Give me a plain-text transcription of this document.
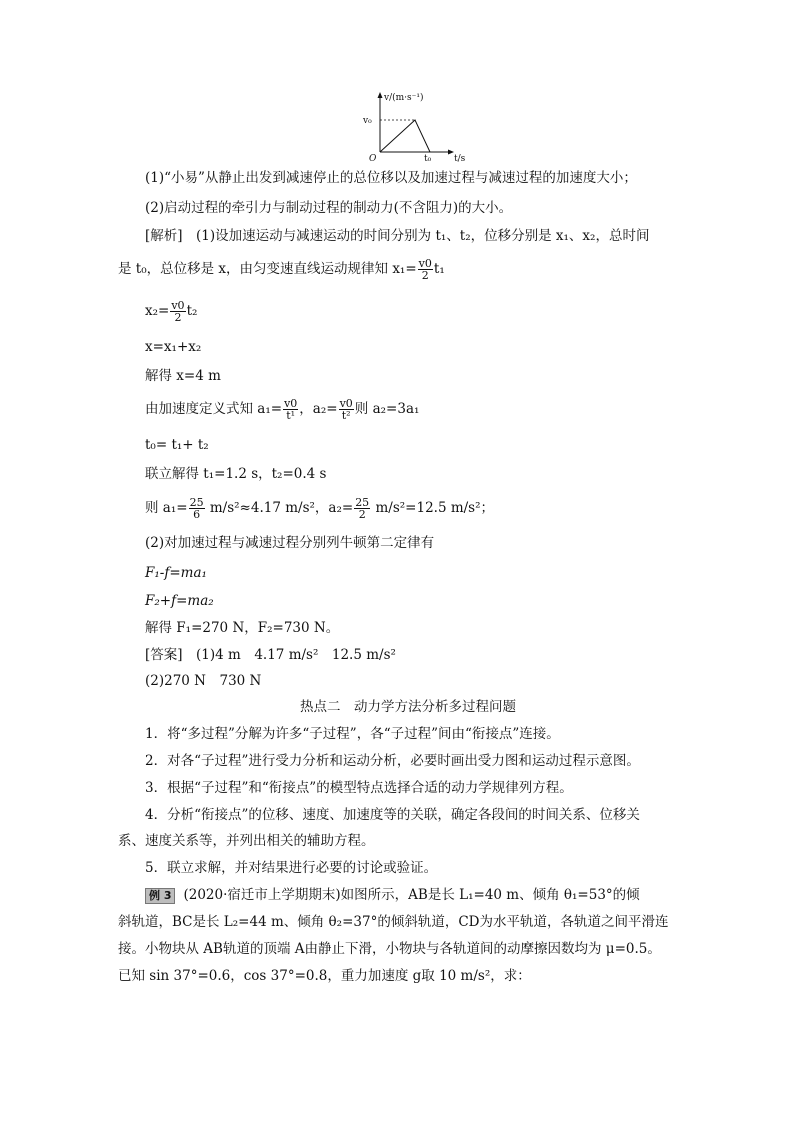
v/(m·s⁻¹)
t/s
O
v₀
t₀
(1)“小易”从静止出发到减速停止的总位移以及加速过程与减速过程的加速度大小；
(2)启动过程的牵引力与制动过程的制动力(不含阻力)的大小。
[解析]　(1)设加速运动与减速运动的时间分别为 t₁、t₂，位移分别是 x₁、x₂，总时间
是 t₀，总位移是 x，由匀变速直线运动规律知 $x_1= \frac{v0}{2} t_1$
$x_2= \frac{v0}{2} t_2$
x=x₁+x₂
解得 x=4 m
由加速度定义式知 $a_1= \frac{v0}{\text{t¹}}$ ，$a_2= \frac{v0}{\text{t²}}$ 则 a₂=3a₁
t₀= t₁+ t₂
联立解得 t₁=1.2 s，t₂=0.4 s
则 $a_1= \frac{25}{6} m/s^2\approx 4.17$ m/s²，$a_2= \frac{25}{2} m/s^2=12.5$ m/s²；
(2)对加速过程与减速过程分别列牛顿第二定律有
F₁-f=ma₁
F₂+f=ma₂
解得 F₁=270 N，F₂=730 N。
[答案]　(1)4 m　4.17 m/s²　12.5 m/s²
(2)270 N　730 N
热点二　动力学方法分析多过程问题
1．将“多过程”分解为许多“子过程”，各“子过程”间由“衔接点”连接。
2．对各“子过程”进行受力分析和运动分析，必要时画出受力图和运动过程示意图。
3．根据“子过程”和“衔接点”的模型特点选择合适的动力学规律列方程。
4．分析“衔接点”的位移、速度、加速度等的关联，确定各段间的时间关系、位移关
系、速度关系等，并列出相关的辅助方程。
5．联立求解，并对结果进行必要的讨论或验证。
例 3 (2020·宿迁市上学期期末)如图所示，AB是长 L₁=40 m、倾角 θ₁=53°的倾
斜轨道，BC是长 L₂=44 m、倾角 θ₂=37°的倾斜轨道，CD为水平轨道，各轨道之间平滑连
接。小物块从 AB轨道的顶端 A由静止下滑，小物块与各轨道间的动摩擦因数均为 μ=0.5。
已知 sin 37°=0.6，cos 37°=0.8，重力加速度 g取 10 m/s²，求：
